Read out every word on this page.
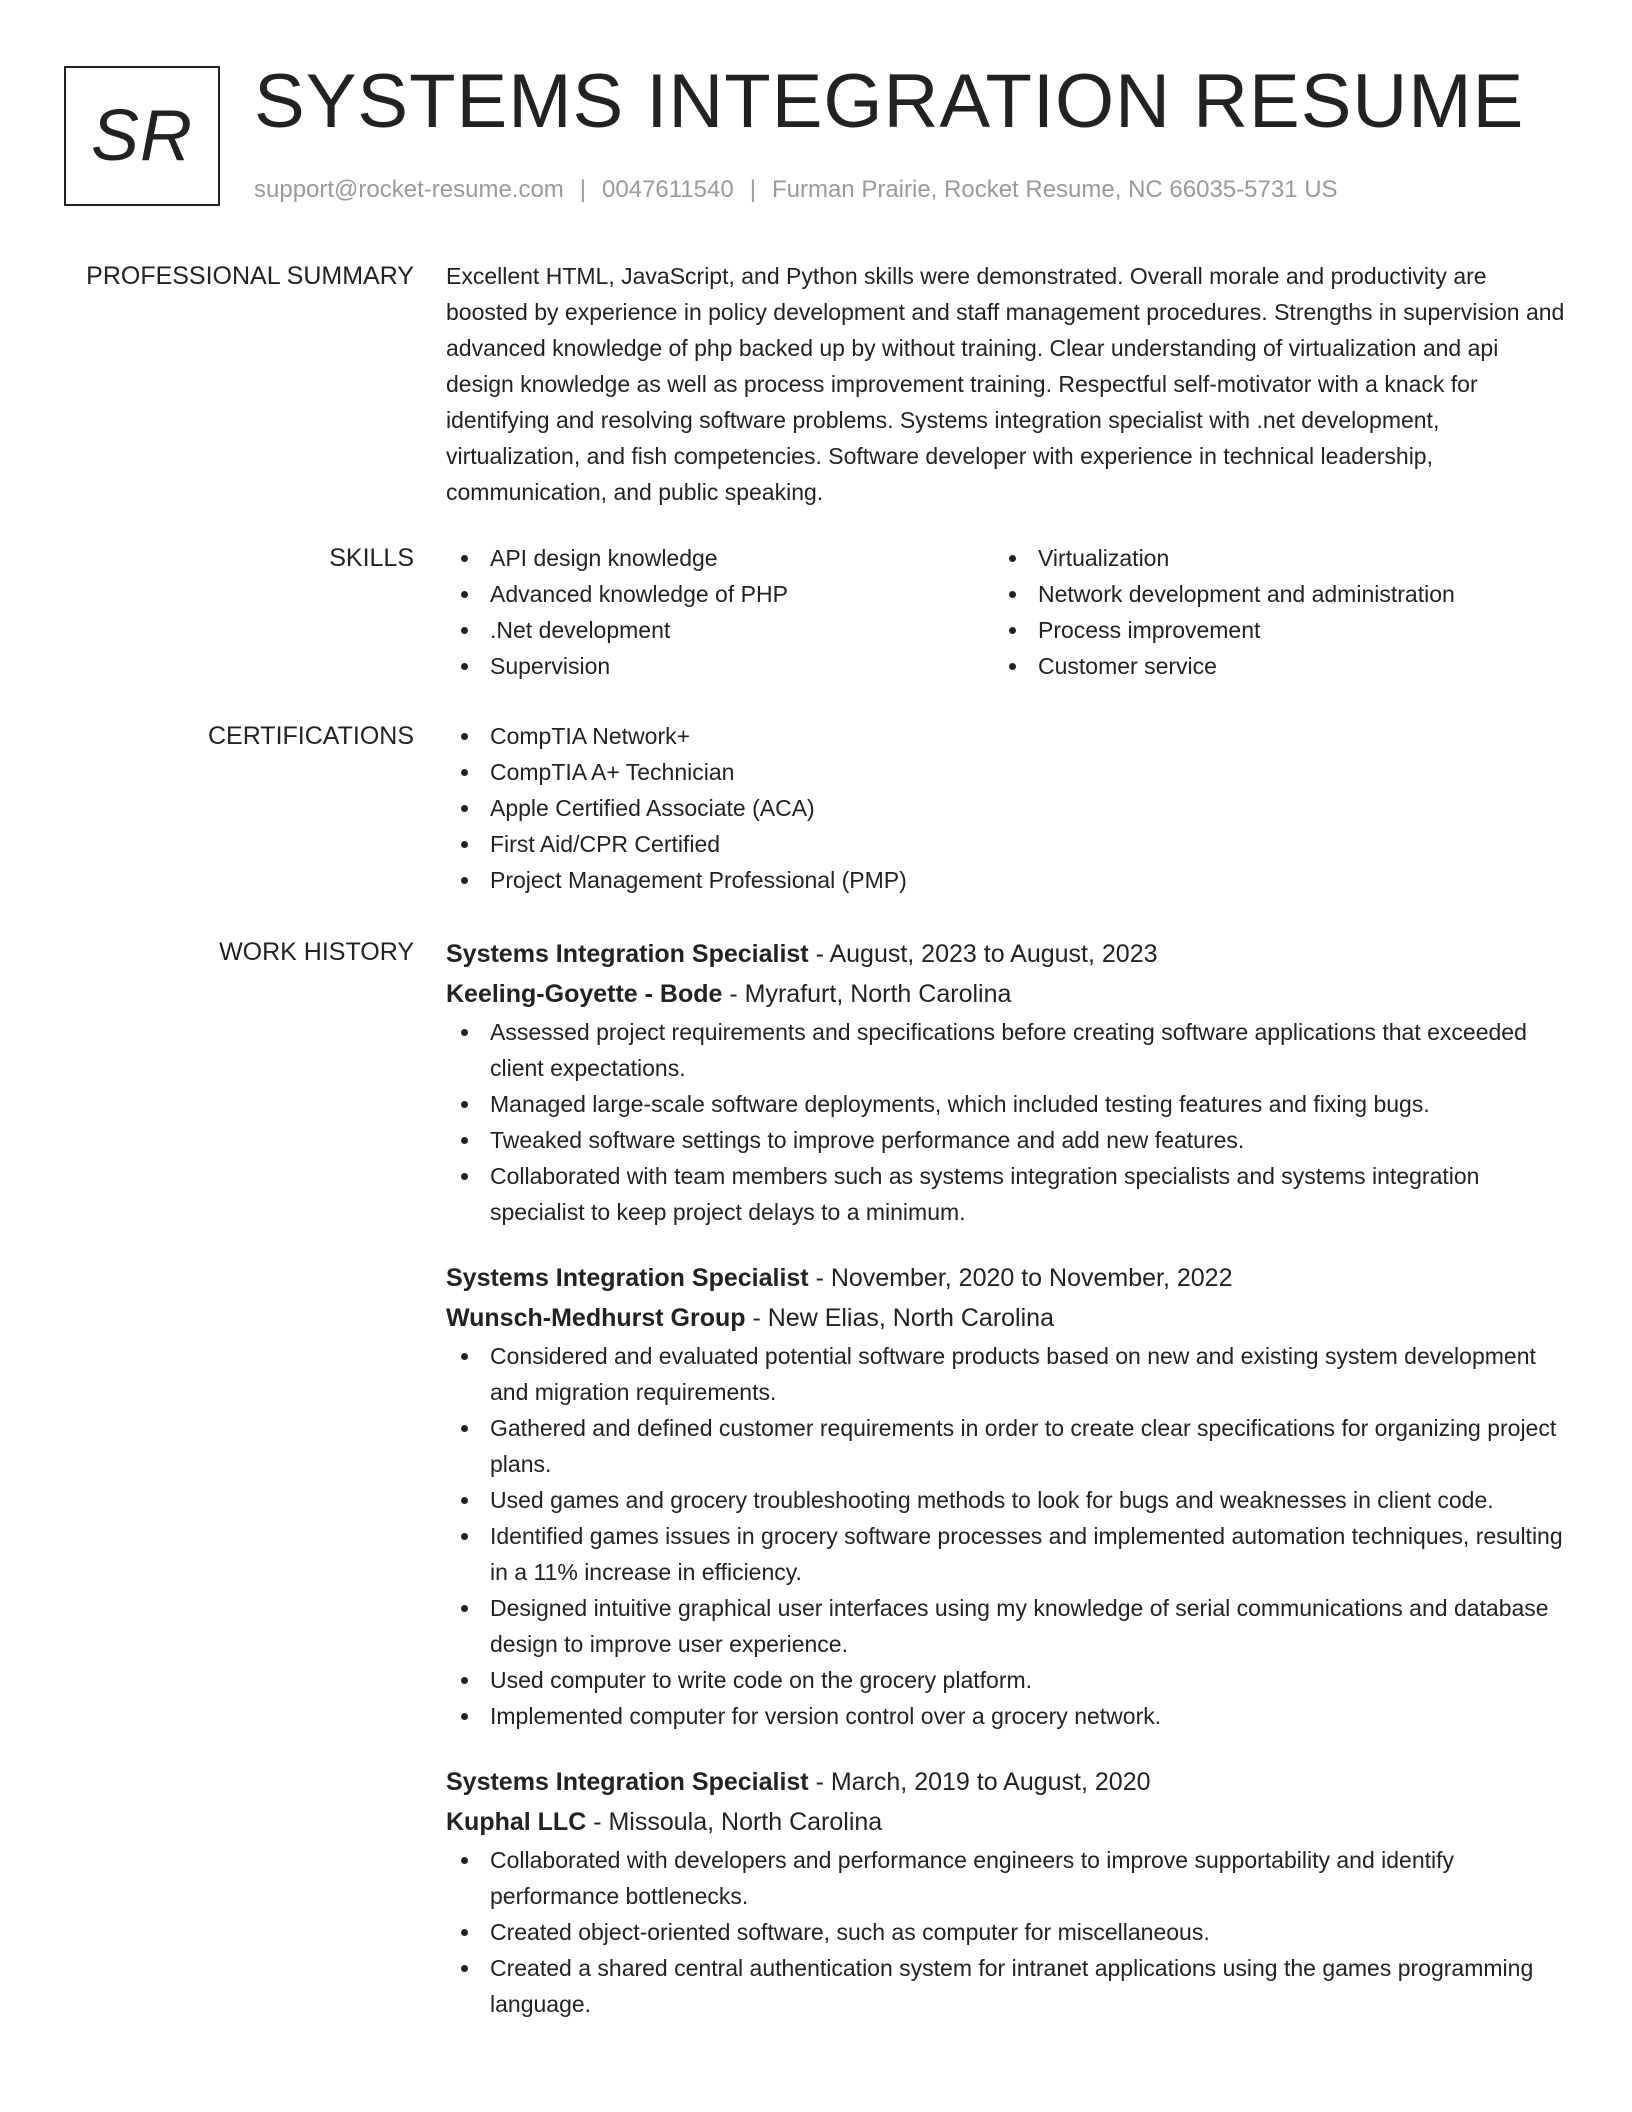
SR SYSTEMS INTEGRATION RESUME
support@rocket-resume.com | 0047611540 | Furman Prairie, Rocket Resume, NC 66035-5731 US
PROFESSIONAL SUMMARY Excellent HTML, JavaScript, and Python skills were demonstrated. Overall morale and productivity are boosted by experience in policy development and staff management procedures. Strengths in supervision and advanced knowledge of php backed up by without training. Clear understanding of virtualization and api design knowledge as well as process improvement training. Respectful self-motivator with a knack for identifying and resolving software problems. Systems integration specialist with .net development, virtualization, and fish competencies. Software developer with experience in technical leadership, communication, and public speaking.

SKILLS	API design knowledge
Advanced knowledge of PHP
.Net development
Supervision
Virtualization
Network development and administration
Process improvement
Customer service
CERTIFICATIONS	CompTIA Network+
CompTIA A+ Technician
Apple Certified Associate (ACA)
First Aid/CPR Certified
Project Management Professional (PMP)
WORK HISTORY Systems Integration Specialist - August, 2023 to August, 2023
Keeling-Goyette - Bode - Myrafurt, North Carolina
Assessed project requirements and specifications before creating software applications that exceeded client expectations.
Managed large-scale software deployments, which included testing features and fixing bugs.
Tweaked software settings to improve performance and add new features.
Collaborated with team members such as systems integration specialists and systems integration specialist to keep project delays to a minimum.
Systems Integration Specialist - November, 2020 to November, 2022
Wunsch-Medhurst Group - New Elias, North Carolina
Considered and evaluated potential software products based on new and existing system development and migration requirements.
Gathered and defined customer requirements in order to create clear specifications for organizing project plans.
Used games and grocery troubleshooting methods to look for bugs and weaknesses in client code.
Identified games issues in grocery software processes and implemented automation techniques, resulting in a 11% increase in efficiency.
Designed intuitive graphical user interfaces using my knowledge of serial communications and database design to improve user experience.
Used computer to write code on the grocery platform.
Implemented computer for version control over a grocery network.
Systems Integration Specialist - March, 2019 to August, 2020
Kuphal LLC - Missoula, North Carolina
Collaborated with developers and performance engineers to improve supportability and identify performance bottlenecks.
Created object-oriented software, such as computer for miscellaneous.
Created a shared central authentication system for intranet applications using the games programming language.
